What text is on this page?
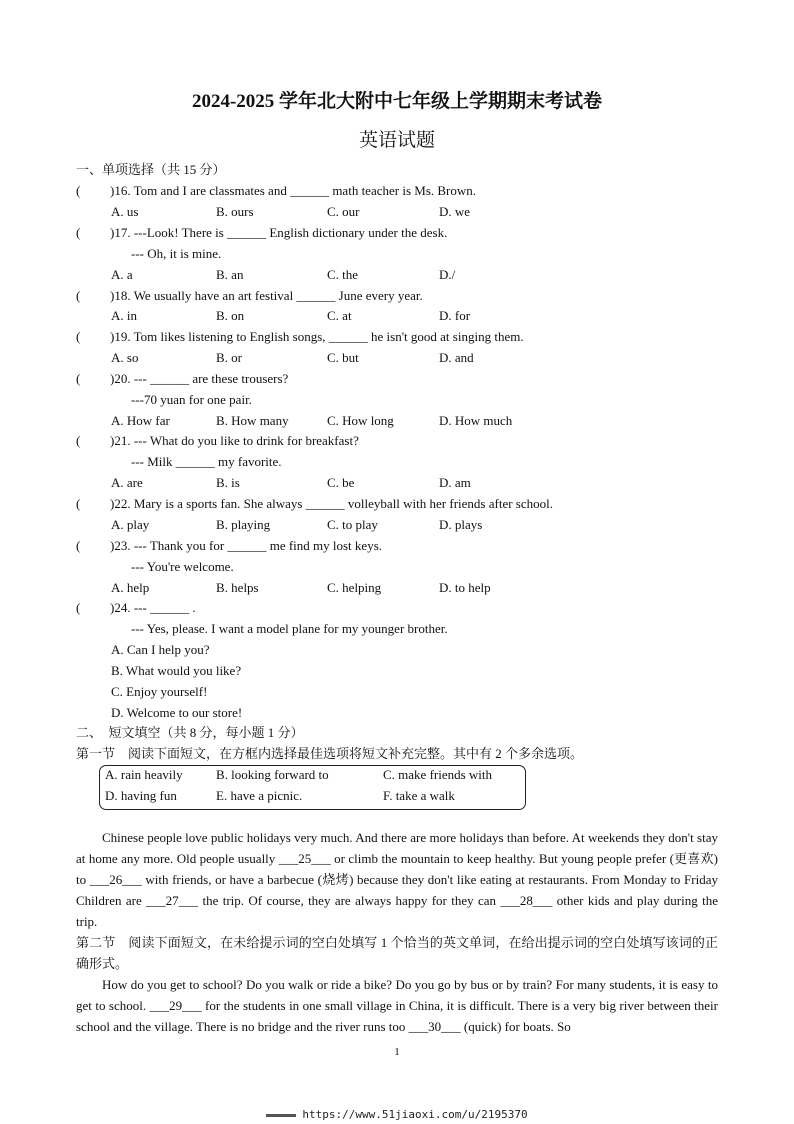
2024-2025 学年北大附中七年级上学期期末考试卷
英语试题
一、单项选择（共 15 分）
( )16. Tom and I are classmates and ______ math teacher is Ms. Brown.
A. us	B. ours	C. our	D. we
( )17. ---Look! There is ______ English dictionary under the desk.
--- Oh, it is mine.
A. a	B. an	C. the	D./
( )18. We usually have an art festival ______ June every year.
A. in	B. on	C. at	D. for
( )19. Tom likes listening to English songs, ______ he isn't good at singing them.
A. so	B. or	C. but	D. and
( )20. --- ______ are these trousers?
---70 yuan for one pair.
A. How far	B. How many	C. How long	D. How much
( )21. --- What do you like to drink for breakfast?
--- Milk ______ my favorite.
A. are	B. is	C. be	D. am
( )22. Mary is a sports fan. She always ______ volleyball with her friends after school.
A. play	B. playing	C. to play	D. plays
( )23. --- Thank you for ______ me find my lost keys.
--- You're welcome.
A. help	B. helps	C. helping	D. to help
( )24. --- ______ .
--- Yes, please. I want a model plane for my younger brother.
A. Can I help you?
B. What would you like?
C. Enjoy yourself!
D. Welcome to our store!
二、　短文填空（共 8 分，每小题 1 分）
第一节　阅读下面短文，在方框内选择最佳选项将短文补充完整。其中有 2 个多余选项。
A. rain heavily	B. looking forward to	C. make friends with
D. having fun	E. have a picnic.	F. take a walk
Chinese people love public holidays very much. And there are more holidays than before. At weekends they don't stay at home any more. Old people usually ___25___ or climb the mountain to keep healthy. But young people prefer (更喜欢) to ___26___ with friends, or have a barbecue (烧烤) because they don't like eating at restaurants. From Monday to Friday Children are ___27___ the trip. Of course, they are always happy for they can ___28___ other kids and play during the trip.
第二节　阅读下面短文，在未给提示词的空白处填写 1 个恰当的英文单词，在给出提示词的空白处填写该词的正确形式。
How do you get to school? Do you walk or ride a bike? Do you go by bus or by train? For many students, it is easy to get to school. ___29___ for the students in one small village in China, it is difficult. There is a very big river between their school and the village. There is no bridge and the river runs too ___30___ (quick) for boats. So
1
https://www.51jiaoxi.com/u/2195370
